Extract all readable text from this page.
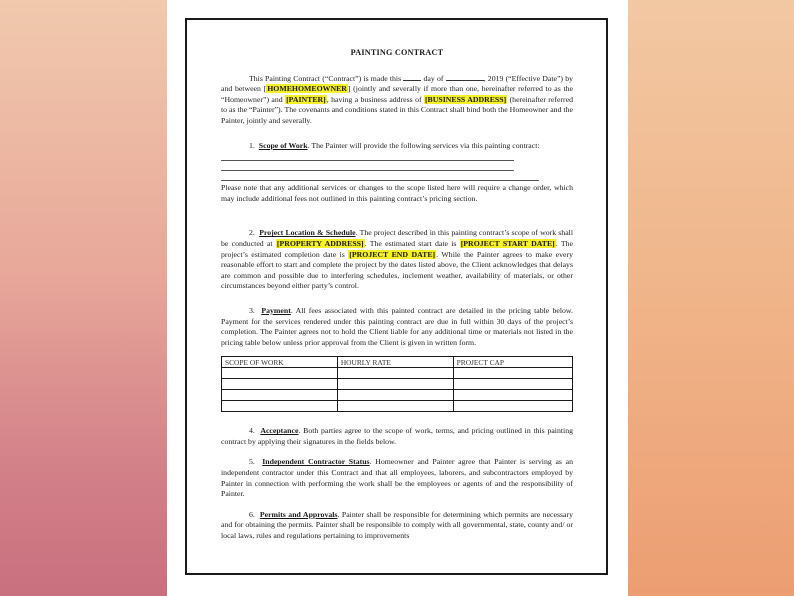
PAINTING CONTRACT

This Painting Contract (“Contract”) is made this  day of	, 2019 (“Effective Date”) by and between [HOMEHOMEOWNER] (jointly and severally if more than one, hereinafter referred to as the “Homeowner”) and [PAINTER], having a business address of [BUSINESS ADDRESS] (hereinafter referred to as the “Painter”). The covenants and conditions stated in this Contract shall bind both the Homeowner and the Painter, jointly and severally.

1. Scope of Work. The Painter will provide the following services via this painting contract:

Please note that any additional services or changes to the scope listed here will require a change order, which may include additional fees not outlined in this painting contract’s pricing section.

2. Project Location & Schedule. The project described in this painting contract’s scope of work shall be conducted at [PROPERTY ADDRESS]. The estimated start date is [PROJECT START DATE]. The project’s estimated completion date is [PROJECT END DATE]. While the Painter agrees to make every reasonable effort to start and complete the project by the dates listed above, the Client acknowledges that delays are common and possible due to interfering schedules, inclement weather, availability of materials, or other circumstances beyond either party’s control.

3. Payment. All fees associated with this painted contract are detailed in the pricing table below. Payment for the services rendered under this painting contract are due in full within 30 days of the project’s completion. The Painter agrees not to hold the Client liable for any additional time or materials not listed in the pricing table below unless prior approval from the Client is given in written form.

SCOPE OF WORK	HOURLY RATE	PROJECT CAP

4. Acceptance. Both parties agree to the scope of work, terms, and pricing outlined in this painting contract by applying their signatures in the fields below.

5. Independent Contractor Status. Homeowner and Painter agree that Painter is serving as an independent contractor under this Contract and that all employees, laborers, and subcontractors employed by Painter in connection with performing the work shall be the employees or agents of and the responsibility of Painter.

6. Permits and Approvals. Painter shall be responsible for determining which permits are necessary and for obtaining the permits. Painter shall be responsible to comply with all governmental, state, county and/ or local laws, rules and regulations pertaining to improvements
